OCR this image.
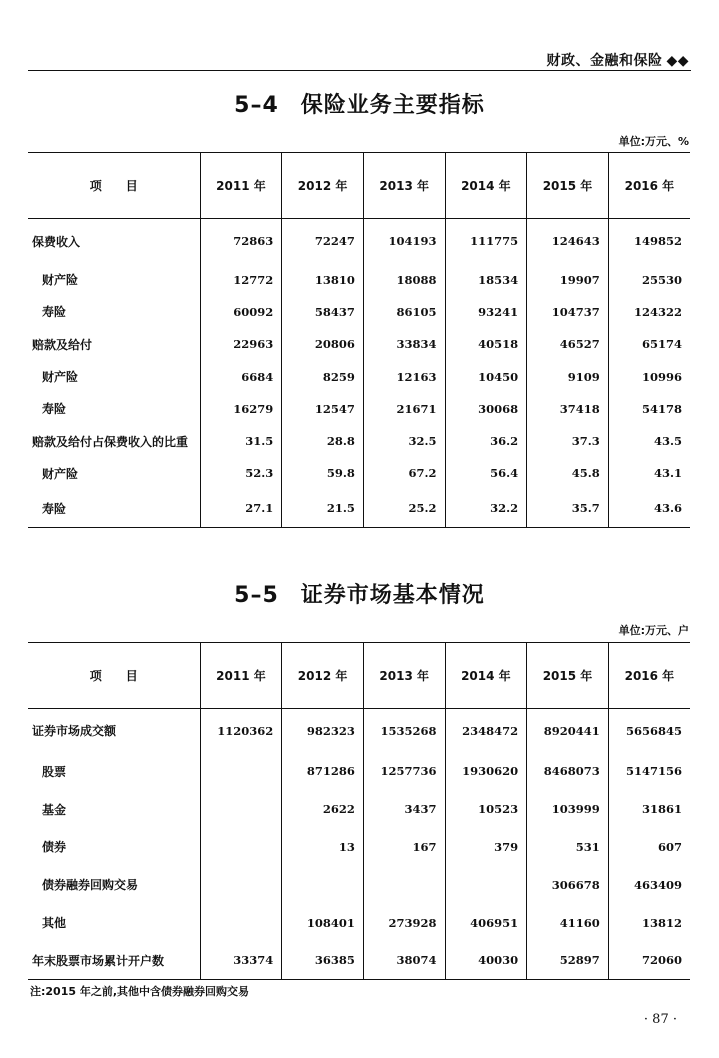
财政、金融和保险 ◆◆
5–4 保险业务主要指标
单位:万元、%
项　　目	2011 年	2012 年	2013 年	2014 年	2015 年	2016 年
保费收入	72863	72247	104193	111775	124643	149852
财产险	12772	13810	18088	18534	19907	25530
寿险	60092	58437	86105	93241	104737	124322
赔款及给付	22963	20806	33834	40518	46527	65174
财产险	6684	8259	12163	10450	9109	10996
寿险	16279	12547	21671	30068	37418	54178
赔款及给付占保费收入的比重	31.5	28.8	32.5	36.2	37.3	43.5
财产险	52.3	59.8	67.2	56.4	45.8	43.1
寿险	27.1	21.5	25.2	32.2	35.7	43.6
5–5 证券市场基本情况
单位:万元、户
项　　目	2011 年	2012 年	2013 年	2014 年	2015 年	2016 年
证券市场成交额	1120362	982323	1535268	2348472	8920441	5656845
股票		871286	1257736	1930620	8468073	5147156
基金		2622	3437	10523	103999	31861
债券		13	167	379	531	607
债券融券回购交易					306678	463409
其他		108401	273928	406951	41160	13812
年末股票市场累计开户数	33374	36385	38074	40030	52897	72060
注:2015 年之前,其他中含债券融券回购交易
· 87 ·
